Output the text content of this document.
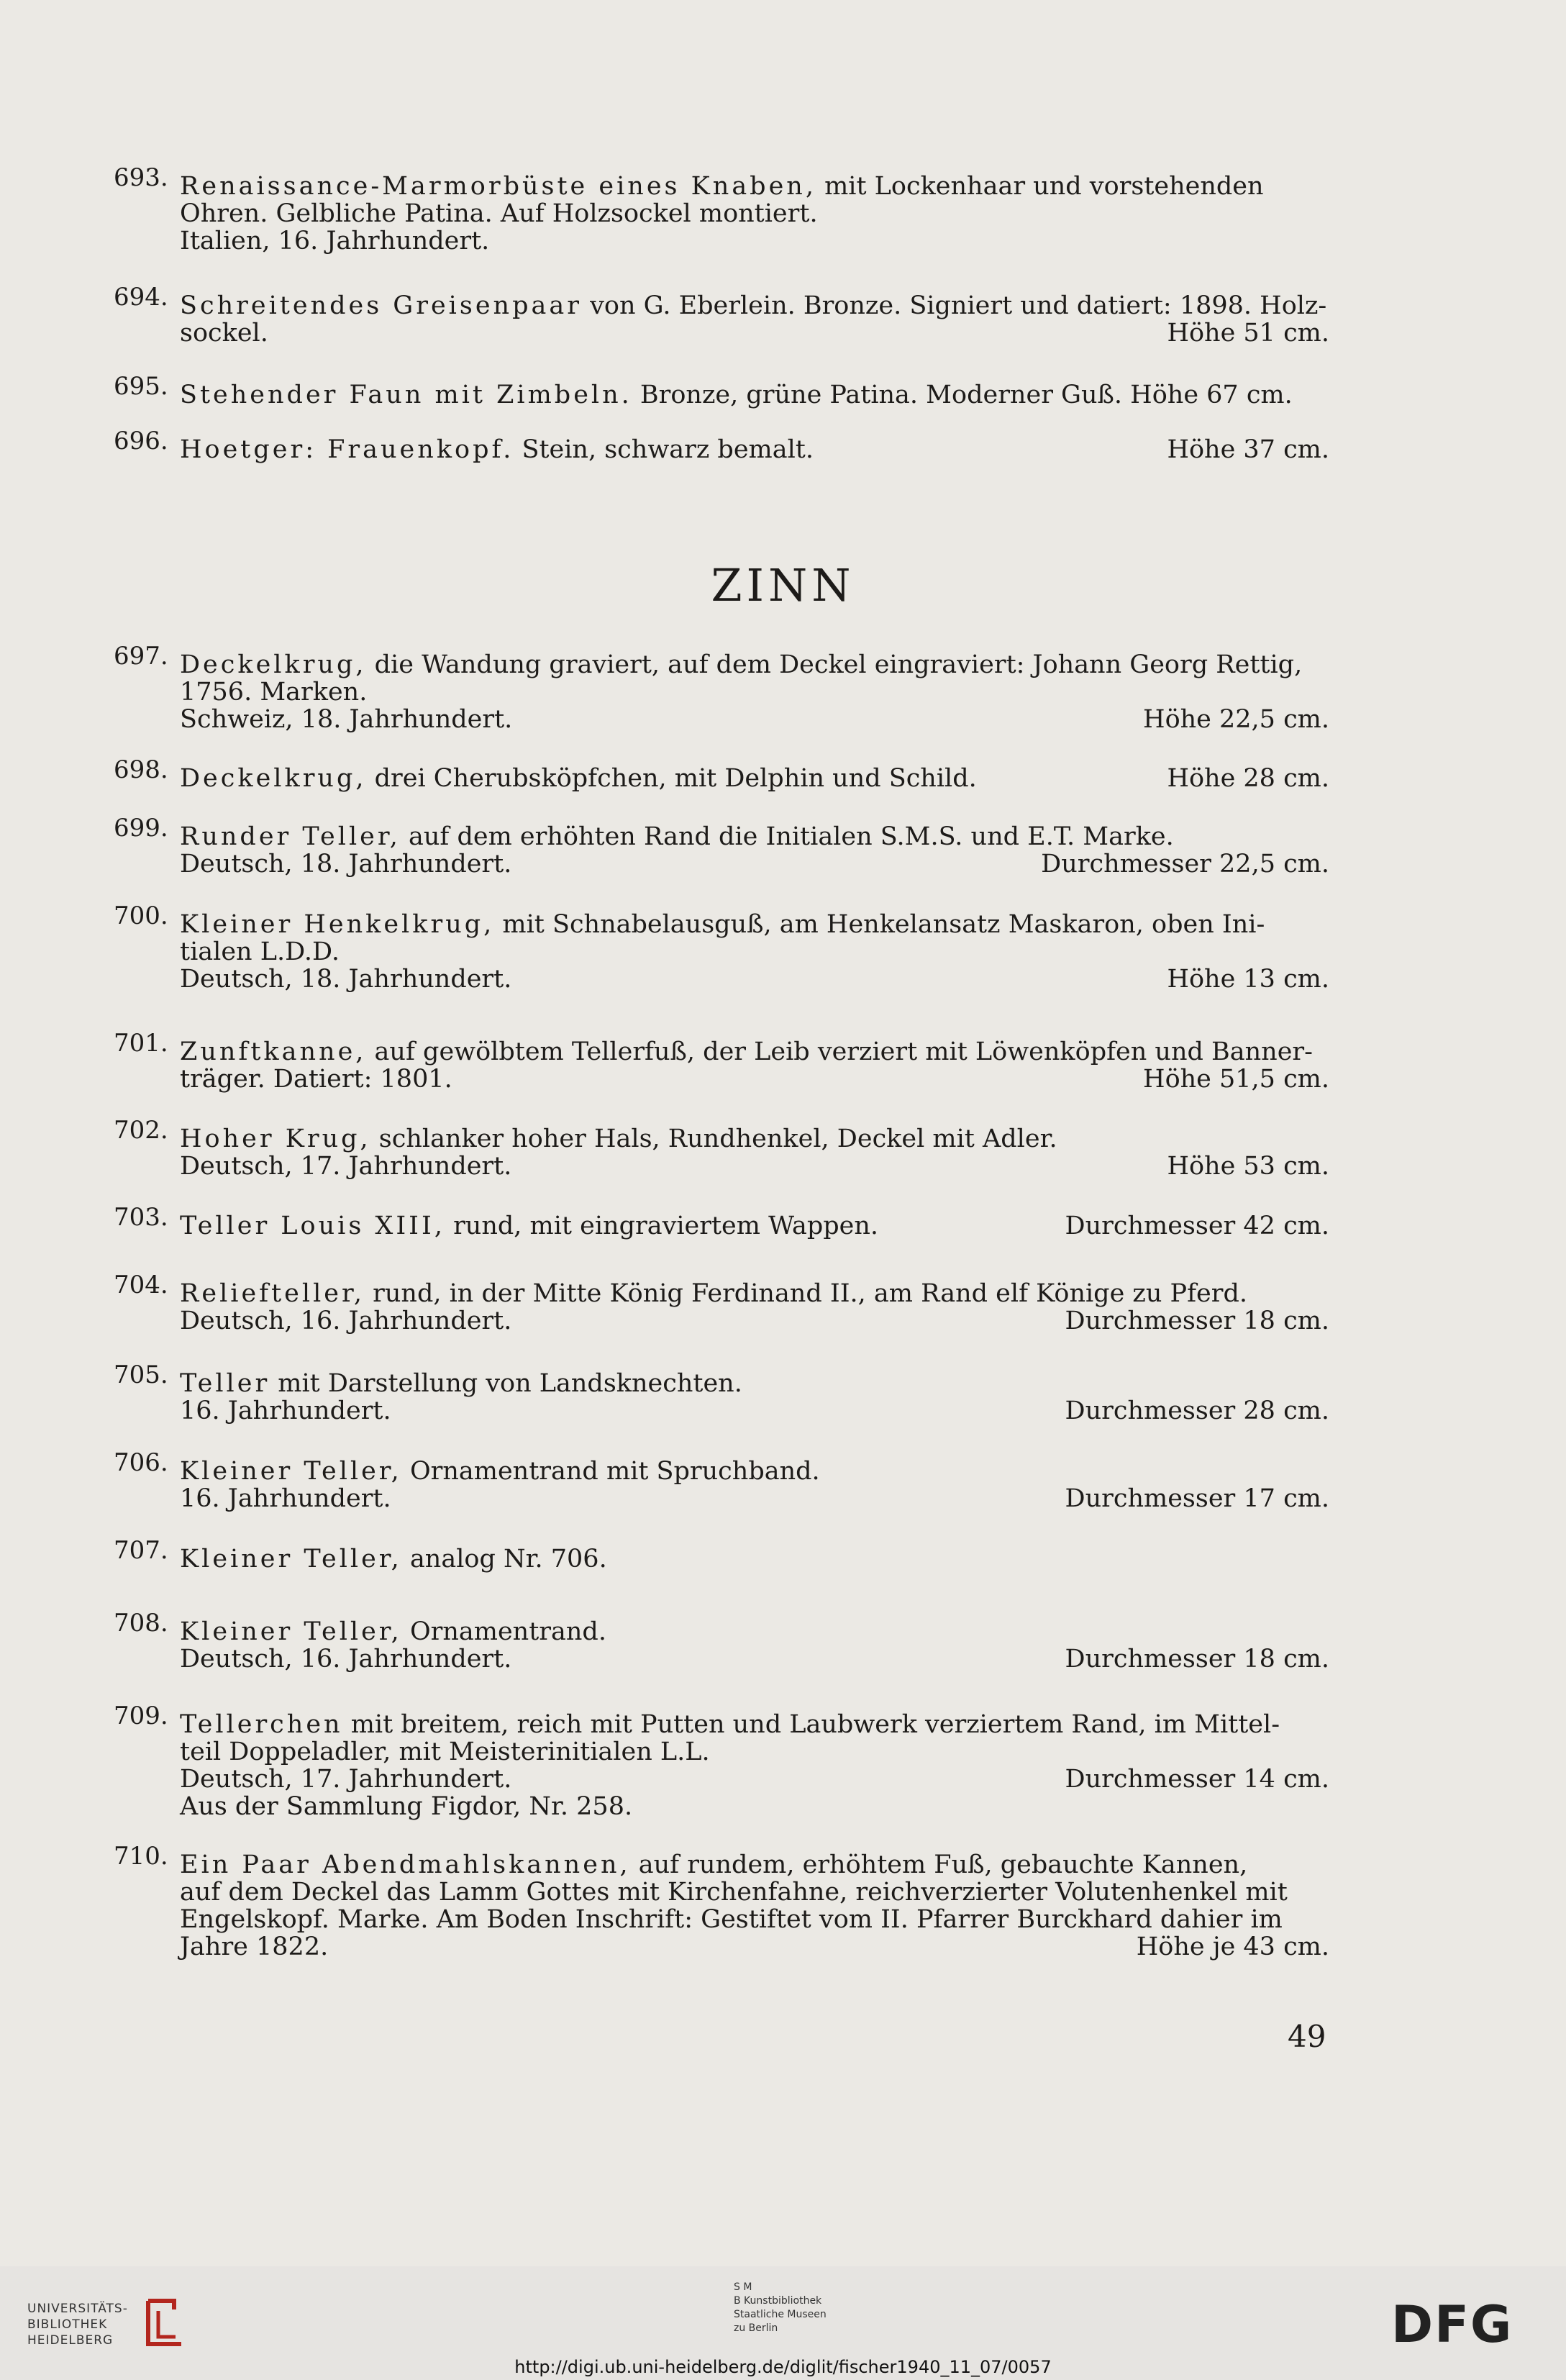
693. Renaissance-Marmorbüste eines Knaben, mit Lockenhaar und vorstehenden
Ohren. Gelbliche Patina. Auf Holzsockel montiert.
Italien, 16. Jahrhundert.
694. Schreitendes Greisenpaar von G. Eberlein. Bronze. Signiert und datiert: 1898. Holz-
sockel.	Höhe 51 cm.
695. Stehender Faun mit Zimbeln. Bronze, grüne Patina. Moderner Guß. Höhe 67 cm.
696. Hoetger: Frauenkopf. Stein, schwarz bemalt.	Höhe 37 cm.
697. Deckelkrug, die Wandung graviert, auf dem Deckel eingraviert: Johann Georg Rettig,
1756. Marken.
Schweiz, 18. Jahrhundert.	Höhe 22,5 cm.
698. Deckelkrug, drei Cherubsköpfchen, mit Delphin und Schild.	Höhe 28 cm.
699. Runder Teller, auf dem erhöhten Rand die Initialen S.M.S. und E.T. Marke.
Deutsch, 18. Jahrhundert.	Durchmesser 22,5 cm.
700. Kleiner Henkelkrug, mit Schnabelausguß, am Henkelansatz Maskaron, oben Ini-
tialen L.D.D.
Deutsch, 18. Jahrhundert.	Höhe 13 cm.
701. Zunftkanne, auf gewölbtem Tellerfuß, der Leib verziert mit Löwenköpfen und Banner-
träger. Datiert: 1801.	Höhe 51,5 cm.
702. Hoher Krug, schlanker hoher Hals, Rundhenkel, Deckel mit Adler.
Deutsch, 17. Jahrhundert.	Höhe 53 cm.
703. Teller Louis XIII, rund, mit eingraviertem Wappen.	Durchmesser 42 cm.
704. Reliefteller, rund, in der Mitte König Ferdinand II., am Rand elf Könige zu Pferd.
Deutsch, 16. Jahrhundert.	Durchmesser 18 cm.
705. Teller mit Darstellung von Landsknechten.
16. Jahrhundert.	Durchmesser 28 cm.
706. Kleiner Teller, Ornamentrand mit Spruchband.
16. Jahrhundert.	Durchmesser 17 cm.
707. Kleiner Teller, analog Nr. 706.
708. Kleiner Teller, Ornamentrand.
Deutsch, 16. Jahrhundert.	Durchmesser 18 cm.
709. Tellerchen mit breitem, reich mit Putten und Laubwerk verziertem Rand, im Mittel-
teil Doppeladler, mit Meisterinitialen L.L.
Deutsch, 17. Jahrhundert.	Durchmesser 14 cm.
Aus der Sammlung Figdor, Nr. 258.
710. Ein Paar Abendmahlskannen, auf rundem, erhöhtem Fuß, gebauchte Kannen,
auf dem Deckel das Lamm Gottes mit Kirchenfahne, reichverzierter Volutenhenkel mit
Engelskopf. Marke. Am Boden Inschrift: Gestiftet vom II. Pfarrer Burckhard dahier im
Jahre 1822.	Höhe je 43 cm.
ZINN
49
UNIVERSITÄTS-
BIBLIOTHEK
HEIDELBERG
S M
B Kunstbibliothek
Staatliche Museen
zu Berlin	DFG
http://digi.ub.uni-heidelberg.de/diglit/fischer1940_11_07/0057
